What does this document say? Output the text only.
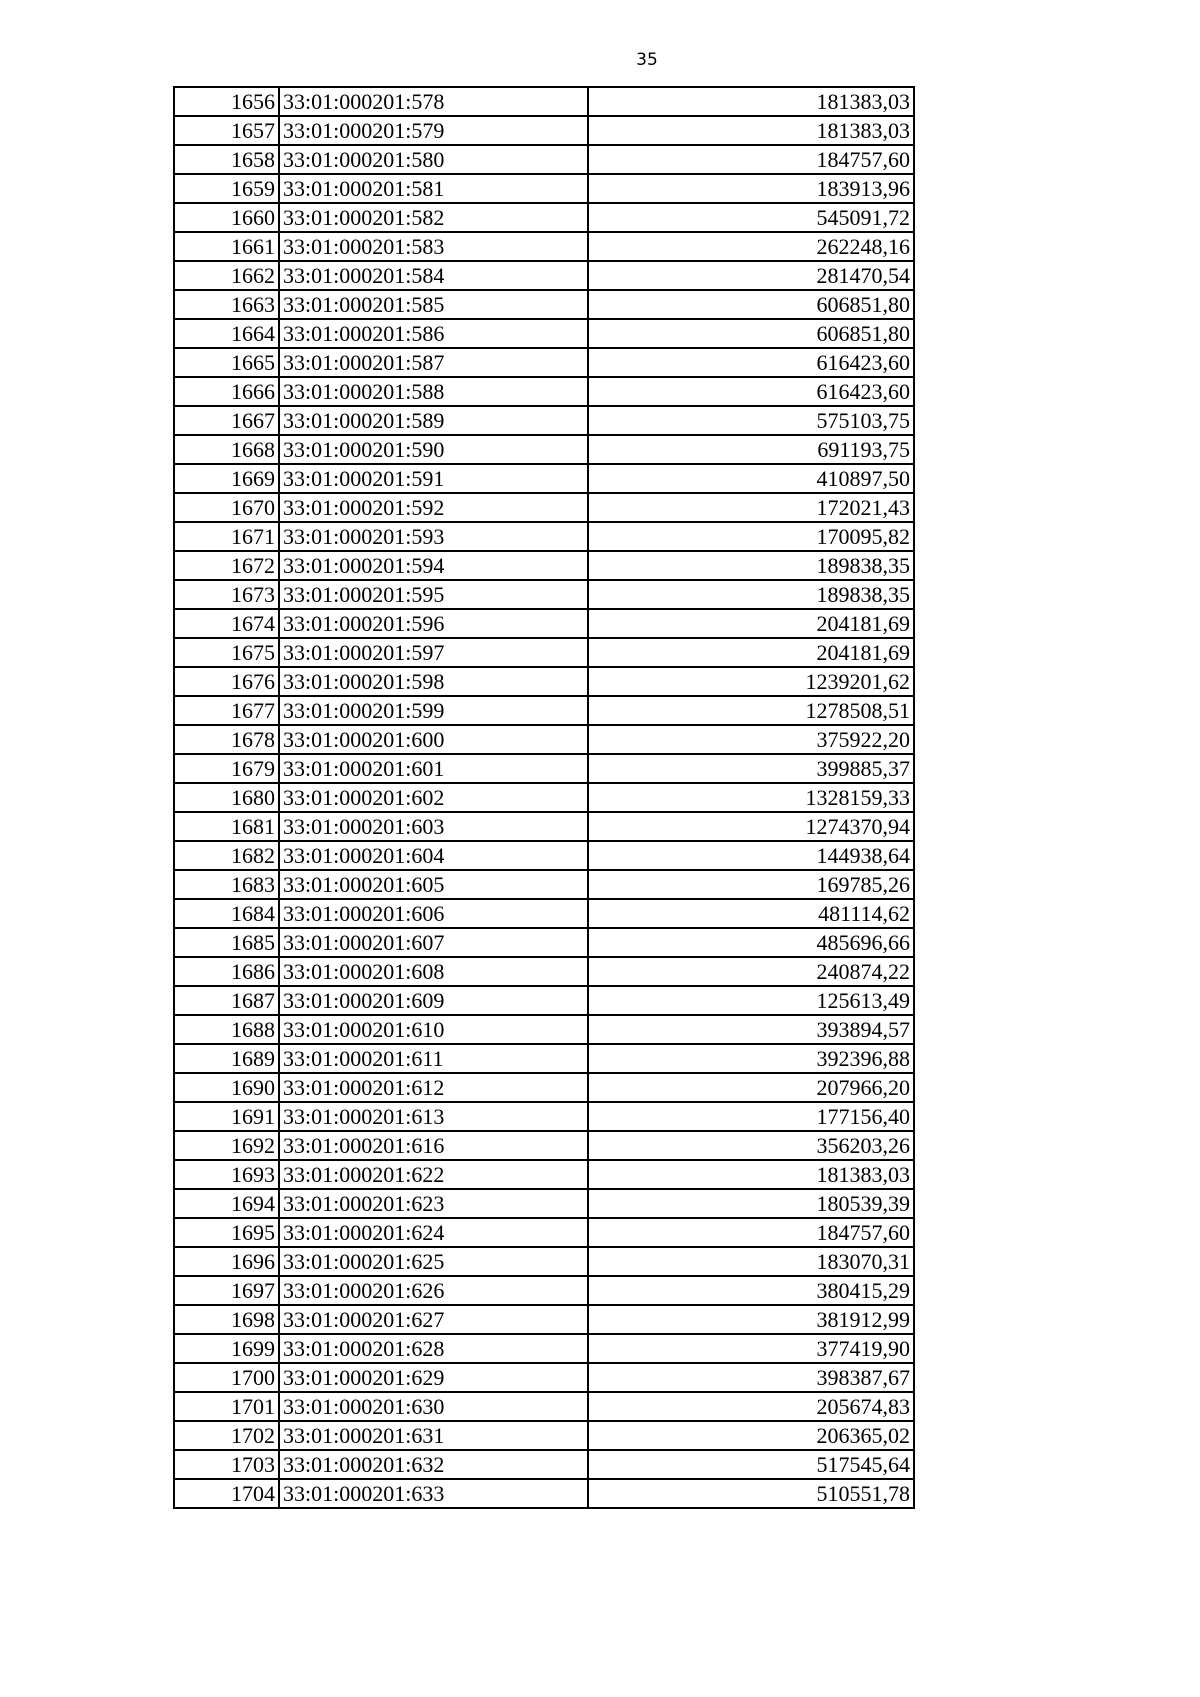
35
1656	33:01:000201:578	181383,03
1657	33:01:000201:579	181383,03
1658	33:01:000201:580	184757,60
1659	33:01:000201:581	183913,96
1660	33:01:000201:582	545091,72
1661	33:01:000201:583	262248,16
1662	33:01:000201:584	281470,54
1663	33:01:000201:585	606851,80
1664	33:01:000201:586	606851,80
1665	33:01:000201:587	616423,60
1666	33:01:000201:588	616423,60
1667	33:01:000201:589	575103,75
1668	33:01:000201:590	691193,75
1669	33:01:000201:591	410897,50
1670	33:01:000201:592	172021,43
1671	33:01:000201:593	170095,82
1672	33:01:000201:594	189838,35
1673	33:01:000201:595	189838,35
1674	33:01:000201:596	204181,69
1675	33:01:000201:597	204181,69
1676	33:01:000201:598	1239201,62
1677	33:01:000201:599	1278508,51
1678	33:01:000201:600	375922,20
1679	33:01:000201:601	399885,37
1680	33:01:000201:602	1328159,33
1681	33:01:000201:603	1274370,94
1682	33:01:000201:604	144938,64
1683	33:01:000201:605	169785,26
1684	33:01:000201:606	481114,62
1685	33:01:000201:607	485696,66
1686	33:01:000201:608	240874,22
1687	33:01:000201:609	125613,49
1688	33:01:000201:610	393894,57
1689	33:01:000201:611	392396,88
1690	33:01:000201:612	207966,20
1691	33:01:000201:613	177156,40
1692	33:01:000201:616	356203,26
1693	33:01:000201:622	181383,03
1694	33:01:000201:623	180539,39
1695	33:01:000201:624	184757,60
1696	33:01:000201:625	183070,31
1697	33:01:000201:626	380415,29
1698	33:01:000201:627	381912,99
1699	33:01:000201:628	377419,90
1700	33:01:000201:629	398387,67
1701	33:01:000201:630	205674,83
1702	33:01:000201:631	206365,02
1703	33:01:000201:632	517545,64
1704	33:01:000201:633	510551,78
